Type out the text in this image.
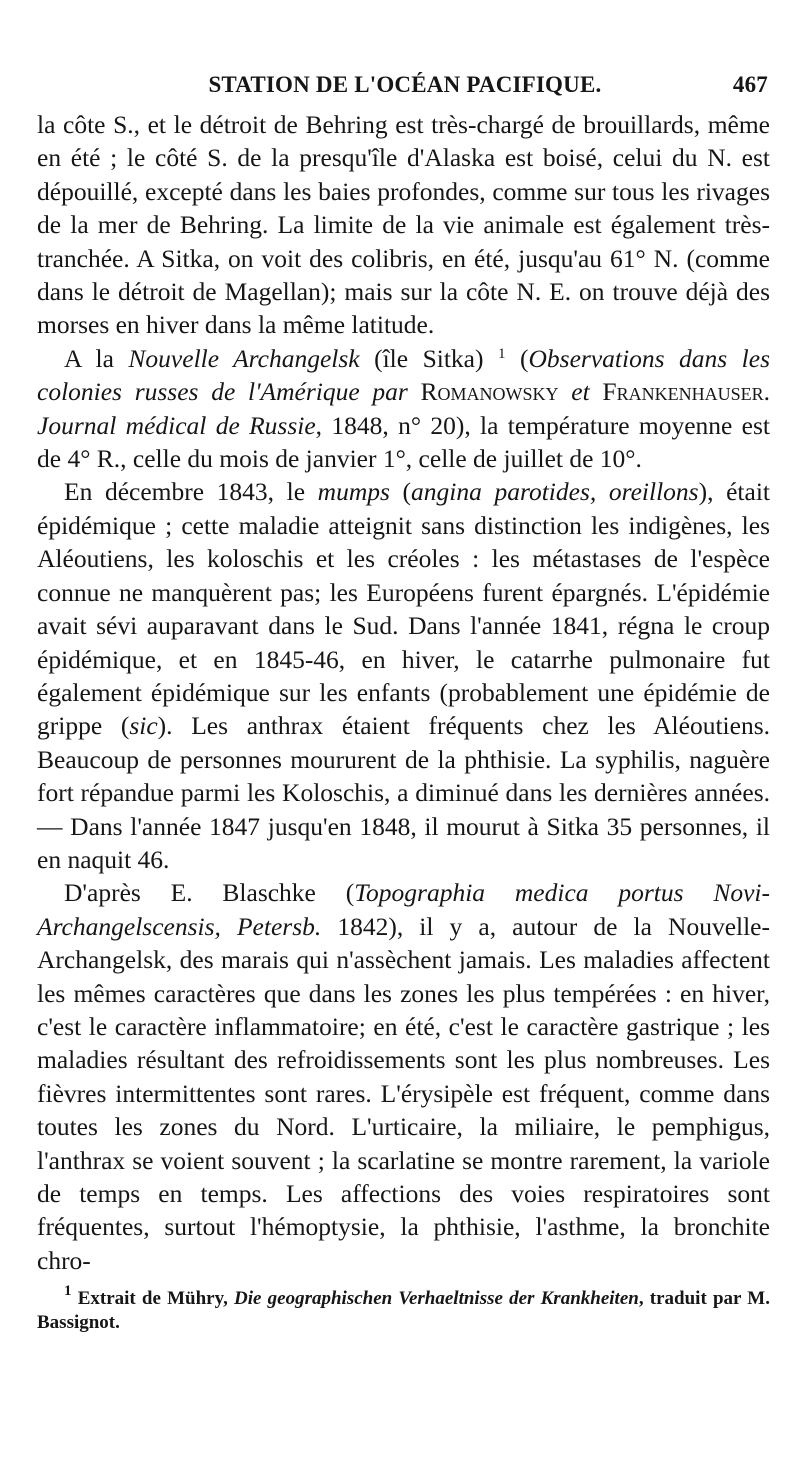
STATION DE L'OCÉAN PACIFIQUE.	467

la côte S., et le détroit de Behring est très-chargé de brouillards, même en été ; le côté S. de la presqu'île d'Alaska est boisé, celui du N. est dépouillé, excepté dans les baies profondes, comme sur tous les rivages de la mer de Behring. La limite de la vie animale est également très-tranchée. A Sitka, on voit des colibris, en été, jusqu'au 61° N. (comme dans le détroit de Magellan); mais sur la côte N. E. on trouve déjà des morses en hiver dans la même latitude.

A la Nouvelle Archangelsk (île Sitka) $^1$ (Observations dans les colonies russes de l'Amérique par Romanowsky et Frankenhauser. Journal médical de Russie, 1848, n° 20), la température moyenne est de 4° R., celle du mois de janvier 1°, celle de juillet de 10°.

En décembre 1843, le mumps (angina parotides, oreillons), était épidémique ; cette maladie atteignit sans distinction les indigènes, les Aléoutiens, les koloschis et les créoles : les métastases de l'espèce connue ne manquèrent pas; les Européens furent épargnés. L'épidémie avait sévi auparavant dans le Sud. Dans l'année 1841, régna le croup épidémique, et en 1845-46, en hiver, le catarrhe pulmonaire fut également épidémique sur les enfants (probablement une épidémie de grippe (sic). Les anthrax étaient fréquents chez les Aléoutiens. Beaucoup de personnes moururent de la phthisie. La syphilis, naguère fort répandue parmi les Koloschis, a diminué dans les dernières années. — Dans l'année 1847 jusqu'en 1848, il mourut à Sitka 35 personnes, il en naquit 46.

D'après E. Blaschke (Topographia medica portus Novi-Archangelscensis, Petersb. 1842), il y a, autour de la Nouvelle-Archangelsk, des marais qui n'assèchent jamais. Les maladies affectent les mêmes caractères que dans les zones les plus tempérées : en hiver, c'est le caractère inflammatoire; en été, c'est le caractère gastrique ; les maladies résultant des refroidissements sont les plus nombreuses. Les fièvres intermittentes sont rares. L'érysipèle est fréquent, comme dans toutes les zones du Nord. L'urticaire, la miliaire, le pemphigus, l'anthrax se voient souvent ; la scarlatine se montre rarement, la variole de temps en temps. Les affections des voies respiratoires sont fréquentes, surtout l'hémoptysie, la phthisie, l'asthme, la bronchite chro-

$^1$ Extrait de Mühry, Die geographischen Verhaeltnisse der Krankheiten, traduit par M. Bassignot.
